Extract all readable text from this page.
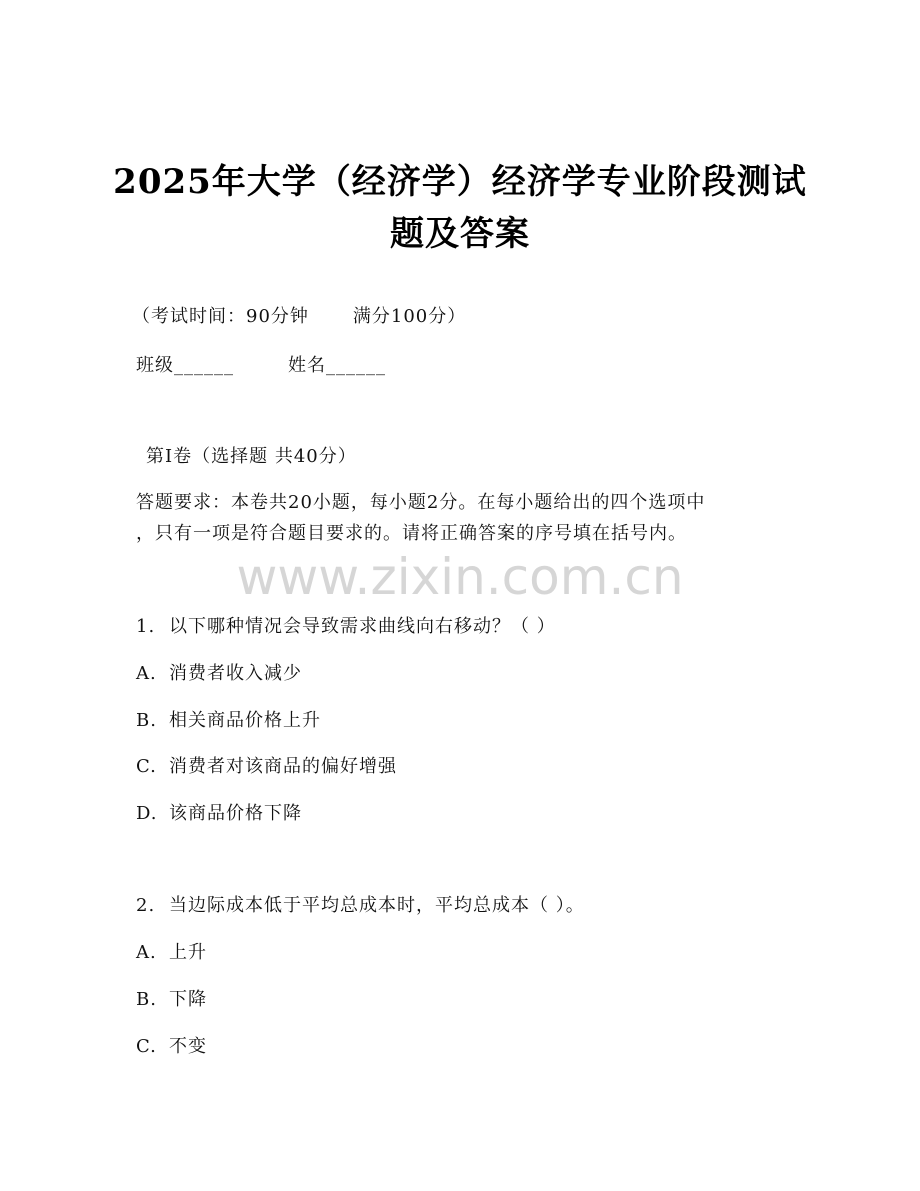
2025年大学（经济学）经济学专业阶段测试
题及答案
（考试时间：90分钟 满分100分）
班级______	姓名______
第Ⅰ卷（选择题 共40分）
答题要求：本卷共20小题，每小题2分。在每小题给出的四个选项中
，只有一项是符合题目要求的。请将正确答案的序号填在括号内。
www.zixin.com.cn
1. 以下哪种情况会导致需求曲线向右移动？（ ）
A. 消费者收入减少
B. 相关商品价格上升
C. 消费者对该商品的偏好增强
D. 该商品价格下降
2. 当边际成本低于平均总成本时，平均总成本（ ）。
A. 上升
B. 下降
C. 不变
